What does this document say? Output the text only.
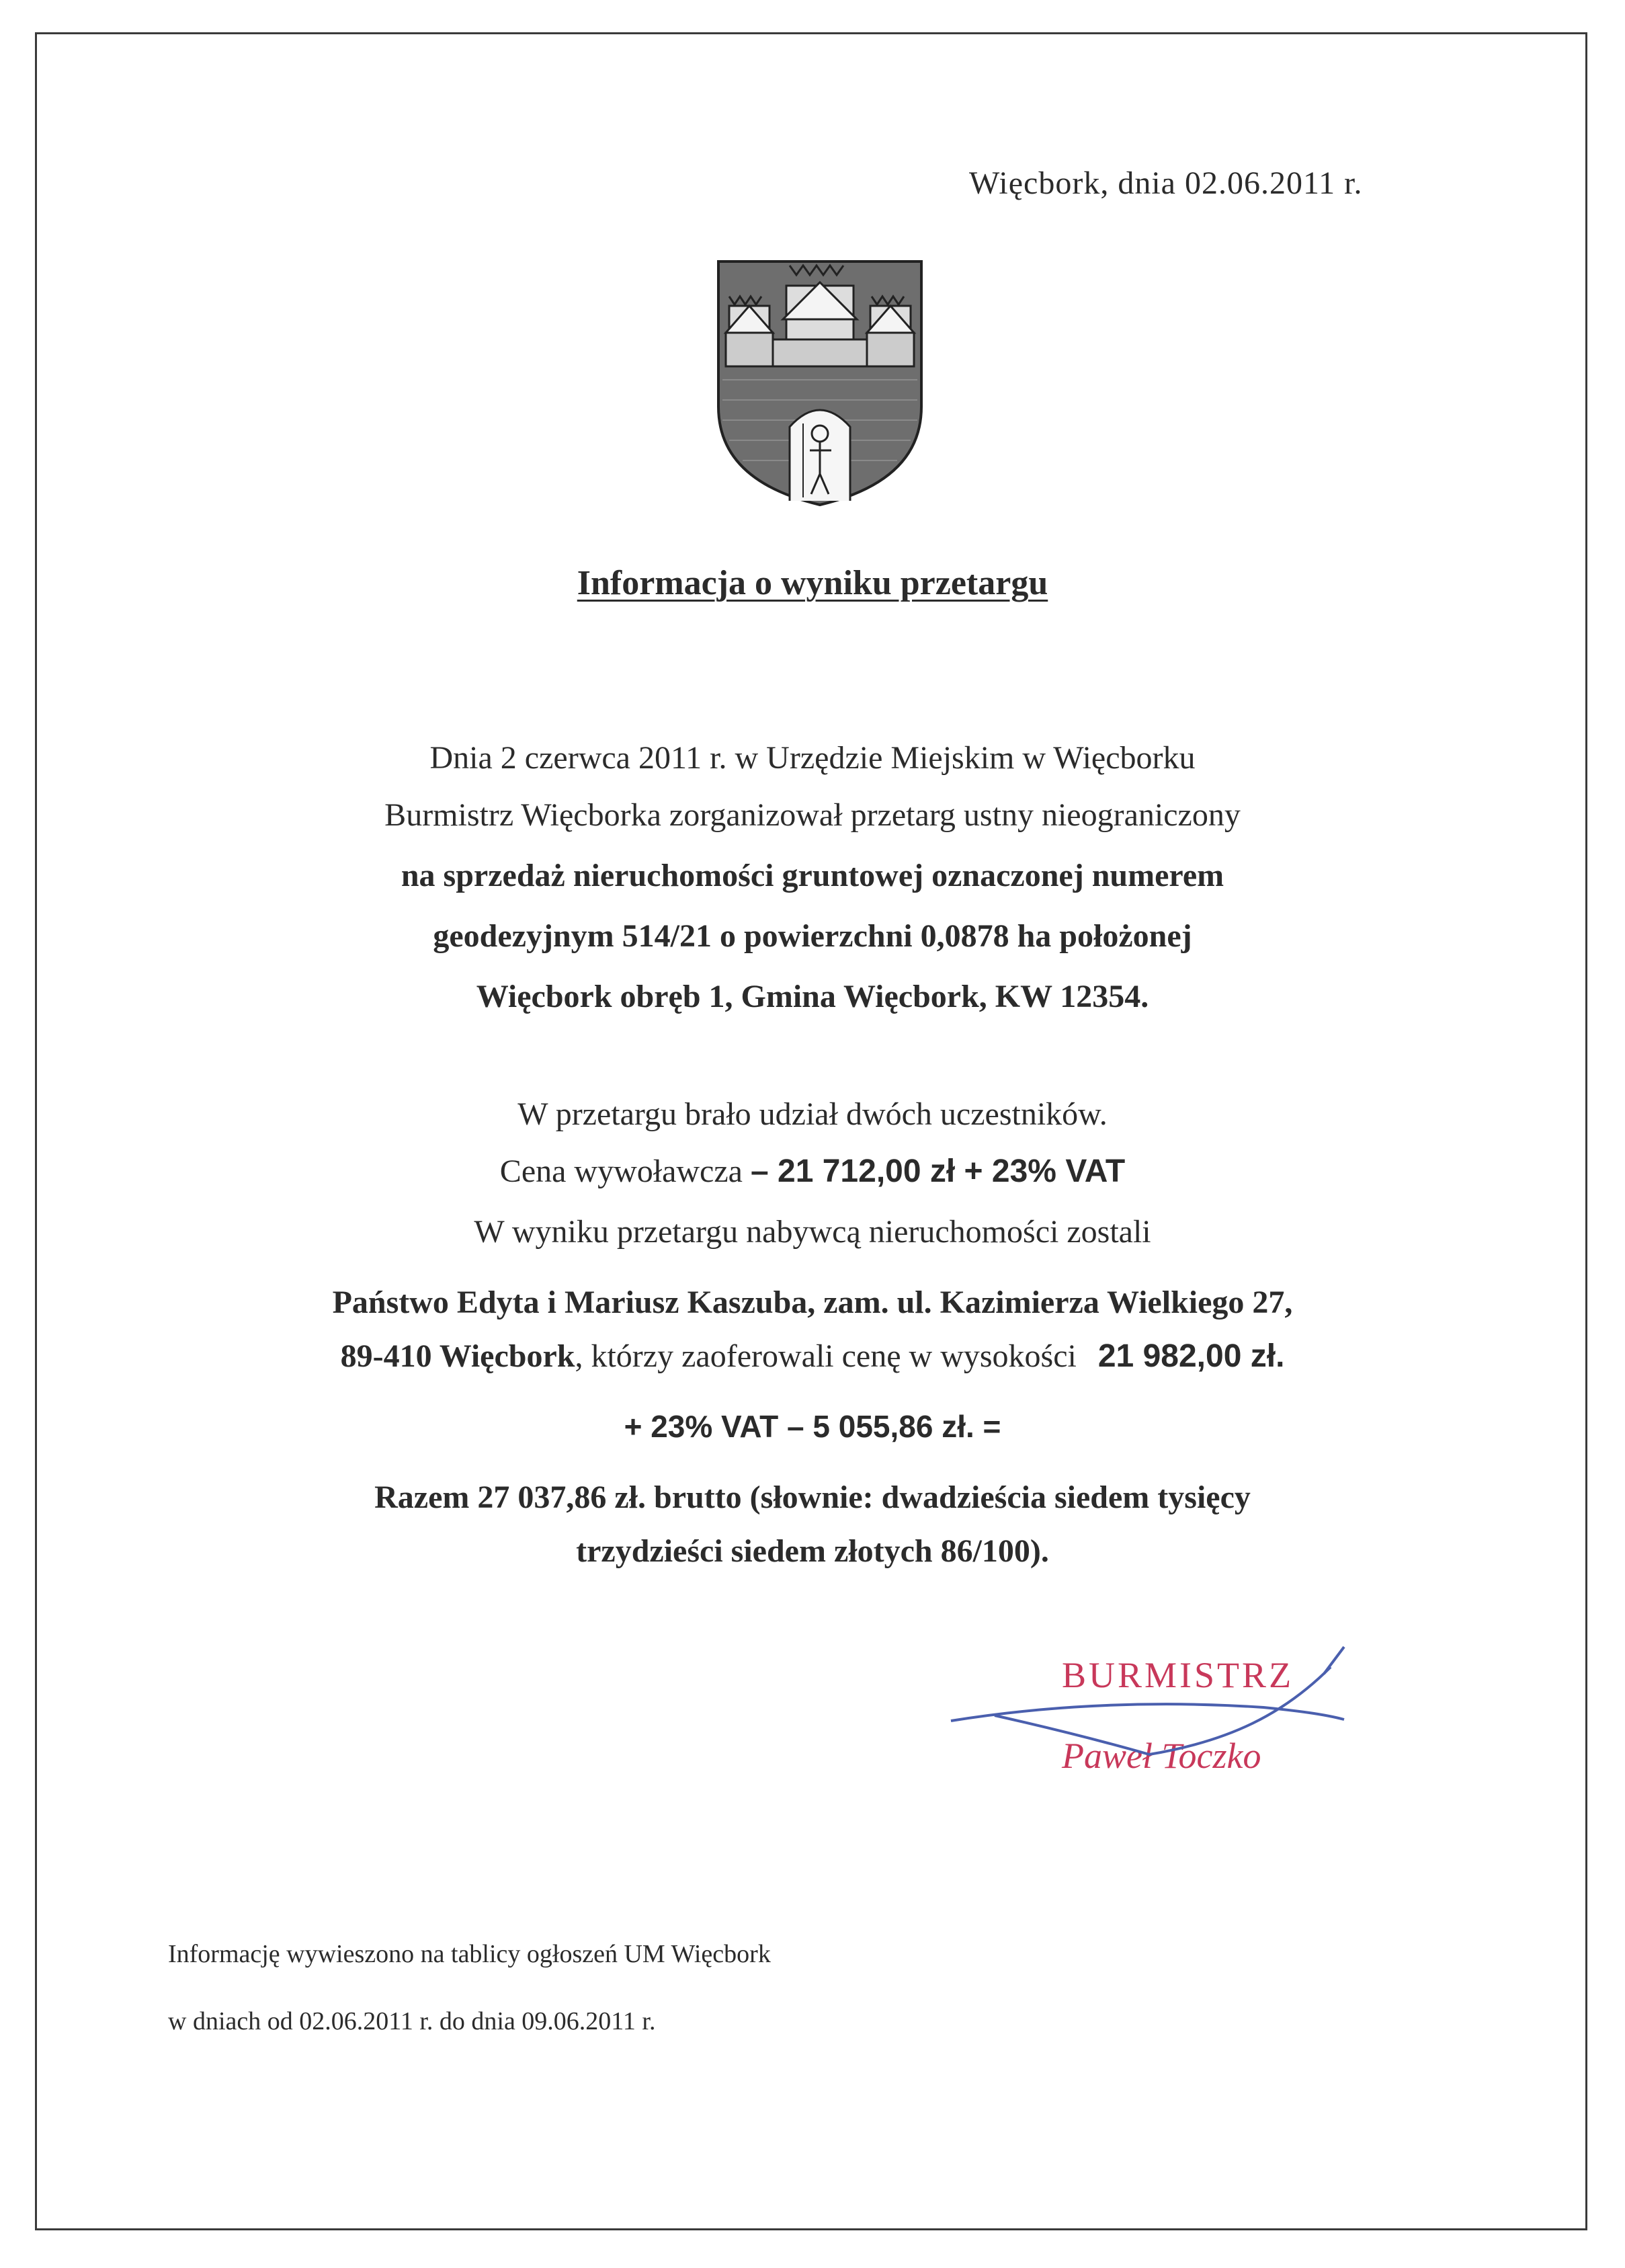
Więcbork, dnia 02.06.2011 r.
Informacja o wyniku przetargu
Dnia 2 czerwca 2011 r. w Urzędzie Miejskim w Więcborku
Burmistrz Więcborka zorganizował przetarg ustny nieograniczony
na sprzedaż nieruchomości gruntowej oznaczonej numerem
geodezyjnym 514/21 o powierzchni 0,0878 ha położonej
Więcbork obręb 1, Gmina Więcbork, KW 12354.
W przetargu brało udział dwóch uczestników.
Cena wywoławcza – 21 712,00 zł + 23% VAT
W wyniku przetargu nabywcą nieruchomości zostali
Państwo Edyta i Mariusz Kaszuba, zam. ul. Kazimierza Wielkiego 27,
89-410 Więcbork, którzy zaoferowali cenę w wysokości 21 982,00 zł.
+ 23% VAT – 5 055,86 zł. =
Razem 27 037,86 zł. brutto (słownie: dwadzieścia siedem tysięcy
trzydzieści siedem złotych 86/100).
BURMISTRZ
Paweł Toczko
Informację wywieszono na tablicy ogłoszeń UM Więcbork
w dniach od 02.06.2011 r. do dnia 09.06.2011 r.
